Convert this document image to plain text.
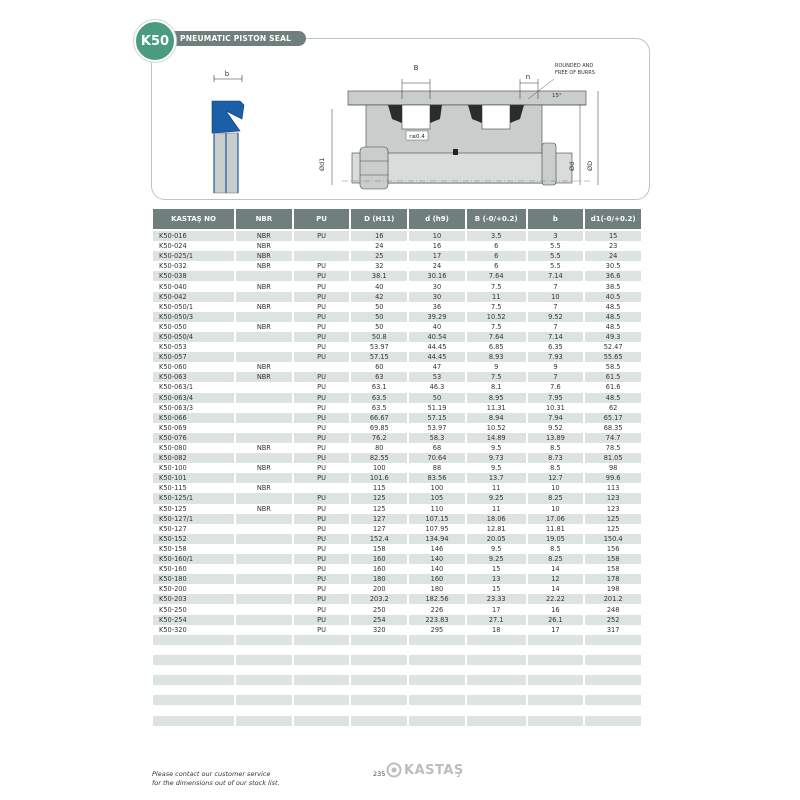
K50	PNEUMATIC PISTON SEAL
b
r≤0.4
B
n
ROUNDED AND
FREE OF BURRS
15°
Ød1	Ød ØD
KASTAŞ NO	NBR	PU	D (H11)	d (h9)	B (-0/+0.2)	b	d1(-0/+0.2)
K50-016	NBR	PU	16	10	3.5	3	15
K50-024	NBR		24	16	6	5.5	23
K50-025/1	NBR		25	17	6	5.5	24
K50-032	NBR	PU	32	24	6	5.5	30.5
K50-038		PU	38.1	30.16	7.64	7.14	36.6
K50-040	NBR	PU	40	30	7.5	7	38.5
K50-042		PU	42	30	11	10	40.5
K50-050/1	NBR	PU	50	36	7.5	7	48.5
K50-050/3		PU	50	39.29	10.52	9.52	48.5
K50-050	NBR	PU	50	40	7.5	7	48.5
K50-050/4		PU	50.8	40.54	7.64	7.14	49.3
K50-053		PU	53.97	44.45	6.85	6.35	52.47
K50-057		PU	57.15	44.45	8.93	7.93	55.65
K50-060	NBR		60	47	9	9	58.5
K50-063	NBR	PU	63	53	7.5	7	61.5
K50-063/1		PU	63.1	46.3	8.1	7.6	61.6
K50-063/4		PU	63.5	50	8.95	7.95	48.5
K50-063/3		PU	63.5	51.19	11.31	10.31	62
K50-066		PU	66.67	57.15	8.94	7.94	65.17
K50-069		PU	69.85	53.97	10.52	9.52	68.35
K50-076		PU	76.2	58.3	14.89	13.89	74.7
K50-080	NBR	PU	80	68	9.5	8.5	78.5
K50-082		PU	82.55	70.64	9.73	8.73	81.05
K50-100	NBR	PU	100	88	9.5	8.5	98
K50-101		PU	101.6	83.56	13.7	12.7	99.6
K50-115	NBR		115	100	11	10	113
K50-125/1		PU	125	105	9.25	8.25	123
K50-125	NBR	PU	125	110	11	10	123
K50-127/1		PU	127	107.15	18.06	17.06	125
K50-127		PU	127	107.95	12.81	11.81	125
K50-152		PU	152.4	134.94	20.05	19.05	150.4
K50-158		PU	158	146	9.5	8.5	156
K50-160/1		PU	160	140	9.25	8.25	158
K50-160		PU	160	140	15	14	158
K50-180		PU	180	160	13	12	178
K50-200		PU	200	180	15	14	198
K50-203		PU	203.2	182.56	23.33	22.22	201.2
K50-250		PU	250	226	17	16	248
K50-254		PU	254	223.83	27.1	26.1	252
K50-320		PU	320	295	18	17	317

Please contact our customer service
for the dimensions out of our stock list.
235 KASTAŞ
